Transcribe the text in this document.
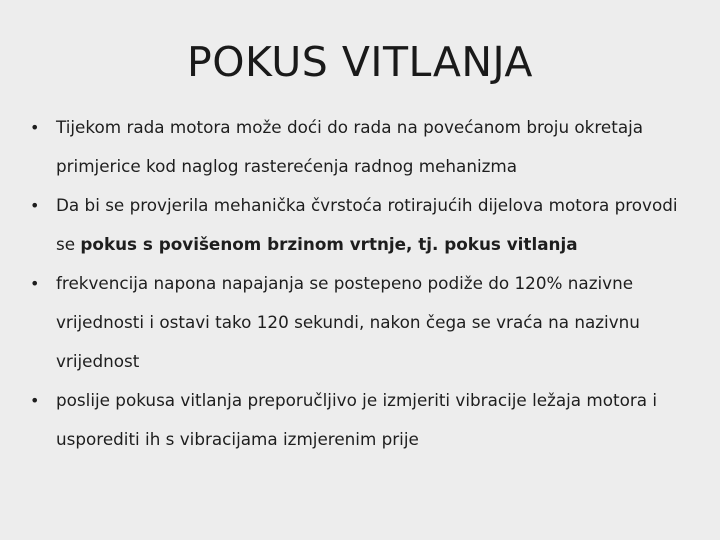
POKUS VITLANJA
• Tijekom rada motora može doći do rada na povećanom broju okretaja primjerice kod naglog rasterećenja radnog mehanizma
• Da bi se provjerila mehanička čvrstoća rotirajućih dijelova motora provodi se pokus s povišenom brzinom vrtnje, tj. pokus vitlanja
• frekvencija napona napajanja se postepeno podiže do 120% nazivne vrijednosti i ostavi tako 120 sekundi, nakon čega se vraća na nazivnu vrijednost
• poslije pokusa vitlanja preporučljivo je izmjeriti vibracije ležaja motora i usporediti ih s vibracijama izmjerenim prije
